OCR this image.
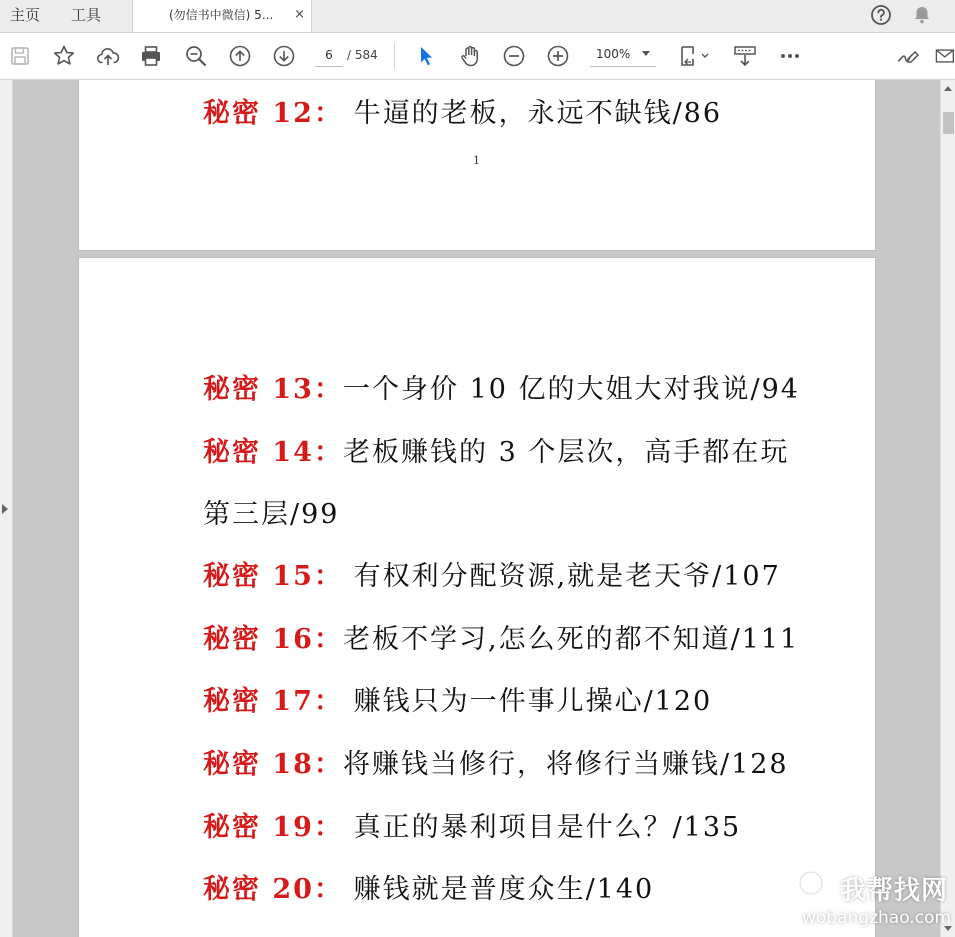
主页 工具	(勿信书中微信) 5... ×
6
/ 584	100%
秘密 12： 牛逼的老板，永远不缺钱/86
1
秘密 13：一个身价 10 亿的大姐大对我说/94
秘密 14：老板赚钱的 3 个层次，高手都在玩
第三层/99
秘密 15： 有权利分配资源,就是老天爷/107
秘密 16：老板不学习,怎么死的都不知道/111
秘密 17： 赚钱只为一件事儿操心/120
秘密 18：将赚钱当修行，将修行当赚钱/128
秘密 19： 真正的暴利项目是什么？/135
秘密 20： 赚钱就是普度众生/140	我帮找网
wobangzhao.com
